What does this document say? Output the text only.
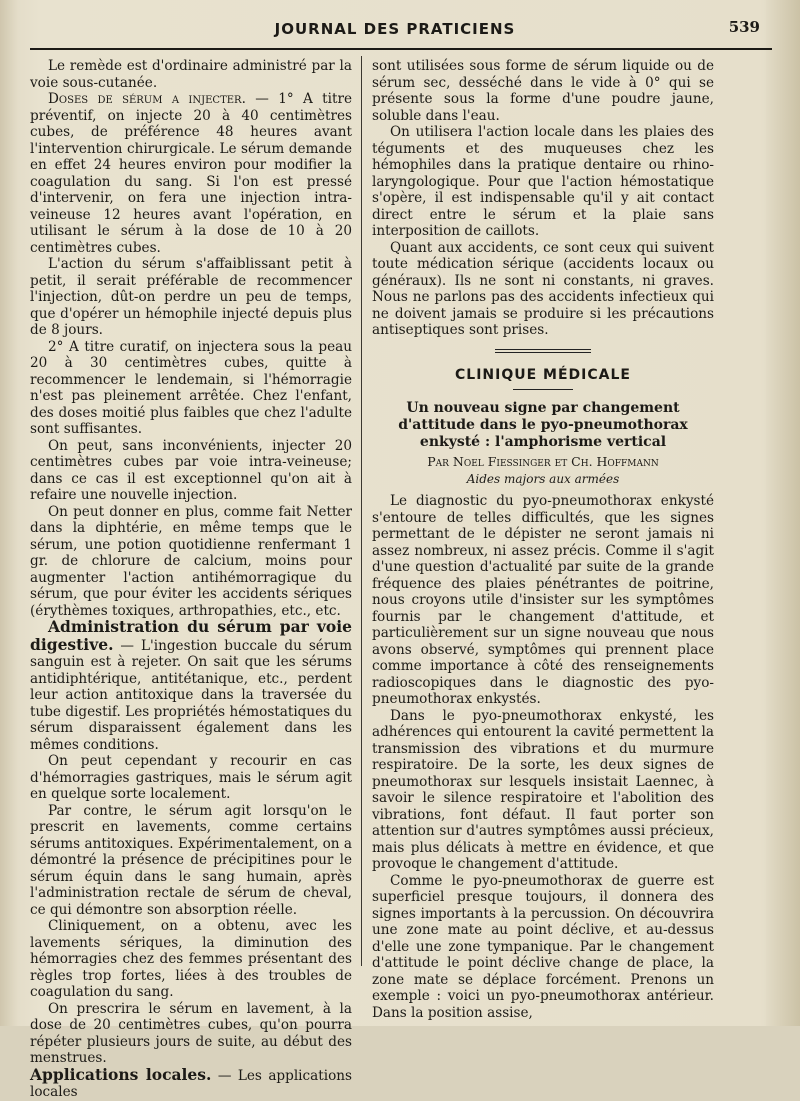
JOURNAL DES PRATICIENS	539

Le remède est d'ordinaire administré par la voie sous-cutanée.

Doses de sérum a injecter. — 1° A titre préventif, on injecte 20 à 40 centimètres cubes, de préférence 48 heures avant l'intervention chirurgicale. Le sérum demande en effet 24 heures environ pour modifier la coagulation du sang. Si l'on est pressé d'intervenir, on fera une injection intra-veineuse 12 heures avant l'opération, en utilisant le sérum à la dose de 10 à 20 centimètres cubes.

L'action du sérum s'affaiblissant petit à petit, il serait préférable de recommencer l'injection, dût-on perdre un peu de temps, que d'opérer un hémophile injecté depuis plus de 8 jours.

2° A titre curatif, on injectera sous la peau 20 à 30 centimètres cubes, quitte à recommencer le lendemain, si l'hémorragie n'est pas pleinement arrêtée. Chez l'enfant, des doses moitié plus faibles que chez l'adulte sont suffisantes.

On peut, sans inconvénients, injecter 20 centimètres cubes par voie intra-veineuse; dans ce cas il est exceptionnel qu'on ait à refaire une nouvelle injection.

On peut donner en plus, comme fait Netter dans la diphtérie, en même temps que le sérum, une potion quotidienne renfermant 1 gr. de chlorure de calcium, moins pour augmenter l'action antihémorragique du sérum, que pour éviter les accidents sériques (érythèmes toxiques, arthropathies, etc., etc.

Administration du sérum par voie digestive. — L'ingestion buccale du sérum sanguin est à rejeter. On sait que les sérums antidiphtérique, antitétanique, etc., perdent leur action antitoxique dans la traversée du tube digestif. Les propriétés hémostatiques du sérum disparaissent également dans les mêmes conditions.

On peut cependant y recourir en cas d'hémorragies gastriques, mais le sérum agit en quelque sorte localement.

Par contre, le sérum agit lorsqu'on le prescrit en lavements, comme certains sérums antitoxiques. Expérimentalement, on a démontré la présence de précipitines pour le sérum équin dans le sang humain, après l'administration rectale de sérum de cheval, ce qui démontre son absorption réelle.

Cliniquement, on a obtenu, avec les lavements sériques, la diminution des hémorragies chez des femmes présentant des règles trop fortes, liées à des troubles de coagulation du sang.

On prescrira le sérum en lavement, à la dose de 20 centimètres cubes, qu'on pourra répéter plusieurs jours de suite, au début des menstrues.

Applications locales. — Les applications locales

sont utilisées sous forme de sérum liquide ou de sérum sec, desséché dans le vide à 0° qui se présente sous la forme d'une poudre jaune, soluble dans l'eau.

On utilisera l'action locale dans les plaies des téguments et des muqueuses chez les hémophiles dans la pratique dentaire ou rhino-laryngologique. Pour que l'action hémostatique s'opère, il est indispensable qu'il y ait contact direct entre le sérum et la plaie sans interposition de caillots.

Quant aux accidents, ce sont ceux qui suivent toute médication sérique (accidents locaux ou généraux). Ils ne sont ni constants, ni graves. Nous ne parlons pas des accidents infectieux qui ne doivent jamais se produire si les précautions antiseptiques sont prises.

CLINIQUE MÉDICALE
Un nouveau signe par changement d'attitude dans le pyo-pneumothorax enkysté : l'amphorisme vertical
Par Noel Fiessinger et Ch. Hoffmann
Aides majors aux armées

Le diagnostic du pyo-pneumothorax enkysté s'entoure de telles difficultés, que les signes permettant de le dépister ne seront jamais ni assez nombreux, ni assez précis. Comme il s'agit d'une question d'actualité par suite de la grande fréquence des plaies pénétrantes de poitrine, nous croyons utile d'insister sur les symptômes fournis par le changement d'attitude, et particulièrement sur un signe nouveau que nous avons observé, symptômes qui prennent place comme importance à côté des renseignements radioscopiques dans le diagnostic des pyo-pneumothorax enkystés.

Dans le pyo-pneumothorax enkysté, les adhérences qui entourent la cavité permettent la transmission des vibrations et du murmure respiratoire. De la sorte, les deux signes de pneumothorax sur lesquels insistait Laennec, à savoir le silence respiratoire et l'abolition des vibrations, font défaut. Il faut porter son attention sur d'autres symptômes aussi précieux, mais plus délicats à mettre en évidence, et que provoque le changement d'attitude.

Comme le pyo-pneumothorax de guerre est superficiel presque toujours, il donnera des signes importants à la percussion. On découvrira une zone mate au point déclive, et au-dessus d'elle une zone tympanique. Par le changement d'attitude le point déclive change de place, la zone mate se déplace forcément. Prenons un exemple : voici un pyo-pneumothorax antérieur. Dans la position assise,
